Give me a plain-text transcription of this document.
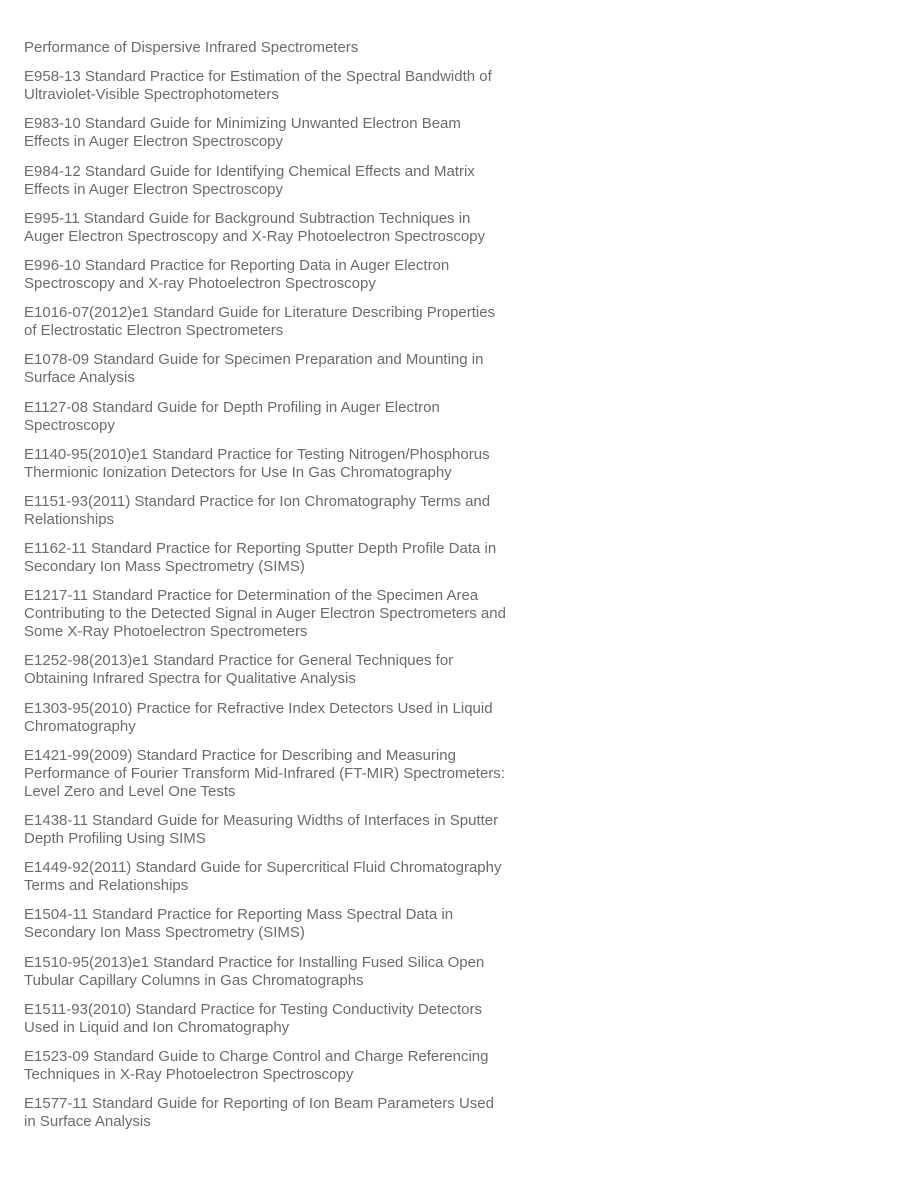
Performance of Dispersive Infrared Spectrometers

E958-13 Standard Practice for Estimation of the Spectral Bandwidth of
Ultraviolet-Visible Spectrophotometers

E983-10 Standard Guide for Minimizing Unwanted Electron Beam
Effects in Auger Electron Spectroscopy

E984-12 Standard Guide for Identifying Chemical Effects and Matrix
Effects in Auger Electron Spectroscopy

E995-11 Standard Guide for Background Subtraction Techniques in
Auger Electron Spectroscopy and X-Ray Photoelectron Spectroscopy

E996-10 Standard Practice for Reporting Data in Auger Electron
Spectroscopy and X-ray Photoelectron Spectroscopy

E1016-07(2012)e1 Standard Guide for Literature Describing Properties
of Electrostatic Electron Spectrometers

E1078-09 Standard Guide for Specimen Preparation and Mounting in
Surface Analysis

E1127-08 Standard Guide for Depth Profiling in Auger Electron
Spectroscopy

E1140-95(2010)e1 Standard Practice for Testing Nitrogen/Phosphorus
Thermionic Ionization Detectors for Use In Gas Chromatography

E1151-93(2011) Standard Practice for Ion Chromatography Terms and
Relationships

E1162-11 Standard Practice for Reporting Sputter Depth Profile Data in
Secondary Ion Mass Spectrometry (SIMS)

E1217-11 Standard Practice for Determination of the Specimen Area
Contributing to the Detected Signal in Auger Electron Spectrometers and
Some X-Ray Photoelectron Spectrometers

E1252-98(2013)e1 Standard Practice for General Techniques for
Obtaining Infrared Spectra for Qualitative Analysis

E1303-95(2010) Practice for Refractive Index Detectors Used in Liquid
Chromatography

E1421-99(2009) Standard Practice for Describing and Measuring
Performance of Fourier Transform Mid-Infrared (FT-MIR) Spectrometers:
Level Zero and Level One Tests

E1438-11 Standard Guide for Measuring Widths of Interfaces in Sputter
Depth Profiling Using SIMS

E1449-92(2011) Standard Guide for Supercritical Fluid Chromatography
Terms and Relationships

E1504-11 Standard Practice for Reporting Mass Spectral Data in
Secondary Ion Mass Spectrometry (SIMS)

E1510-95(2013)e1 Standard Practice for Installing Fused Silica Open
Tubular Capillary Columns in Gas Chromatographs

E1511-93(2010) Standard Practice for Testing Conductivity Detectors
Used in Liquid and Ion Chromatography

E1523-09 Standard Guide to Charge Control and Charge Referencing
Techniques in X-Ray Photoelectron Spectroscopy

E1577-11 Standard Guide for Reporting of Ion Beam Parameters Used
in Surface Analysis
